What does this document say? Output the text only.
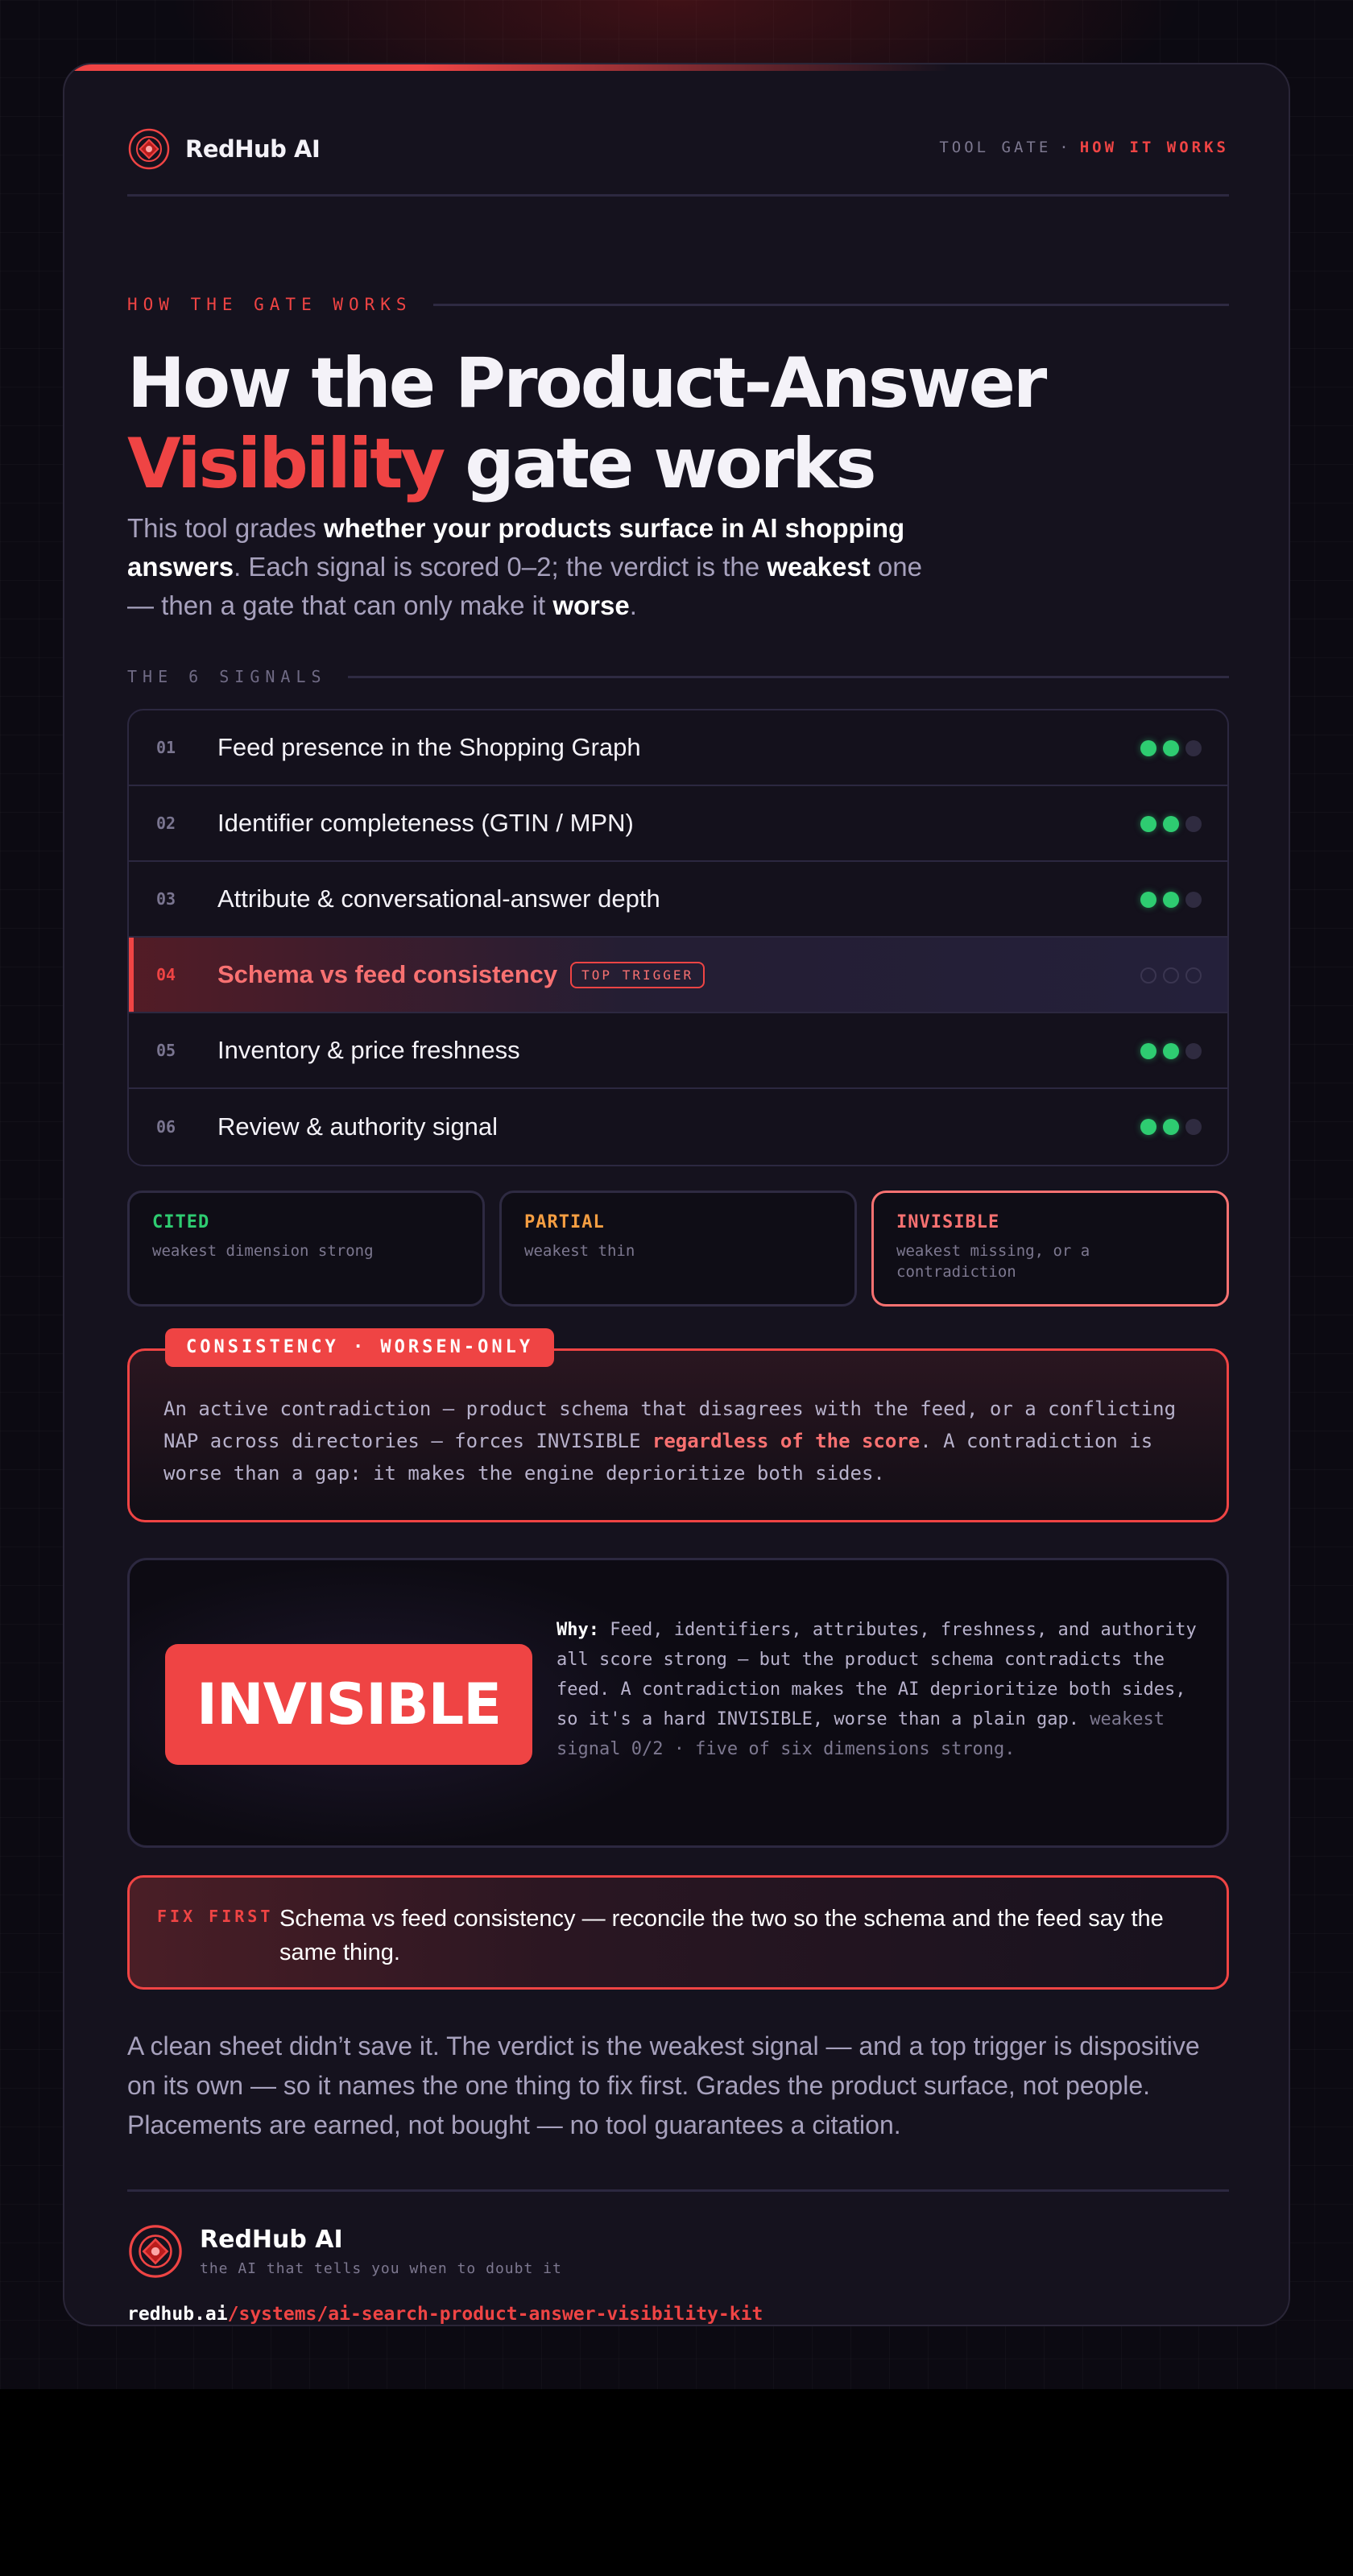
RedHub AI	TOOL GATE · HOW IT WORKS
HOW THE GATE WORKS
How the Product-Answer
Visibility gate works

This tool grades whether your products surface in AI shopping answers. Each signal is scored 0–2; the verdict is the weakest one — then a gate that can only make it worse.

THE 6 SIGNALS
01	Feed presence in the Shopping Graph
02	Identifier completeness (GTIN / MPN)
03	Attribute & conversational-answer depth
04	Schema vs feed consistency	TOP TRIGGER
05	Inventory & price freshness
06	Review & authority signal
CITED
weakest dimension strong
PARTIAL
weakest thin
INVISIBLE
weakest missing, or a contradiction
CONSISTENCY · WORSEN-ONLY

An active contradiction — product schema that disagrees with the feed, or a conflicting NAP across directories — forces INVISIBLE regardless of the score. A contradiction is worse than a gap: it makes the engine deprioritize both sides.

INVISIBLE

Why: Feed, identifiers, attributes, freshness, and authority all score strong — but the product schema contradicts the feed. A contradiction makes the AI deprioritize both sides, so it's a hard INVISIBLE, worse than a plain gap. weakest signal 0/2 · five of six dimensions strong.

FIX FIRST Schema vs feed consistency — reconcile the two so the schema and the feed say the same thing.

A clean sheet didn’t save it. The verdict is the weakest signal — and a top trigger is dispositive on its own — so it names the one thing to fix first. Grades the product surface, not people. Placements are earned, not bought — no tool guarantees a citation.

RedHub AI
the AI that tells you when to doubt it
redhub.ai/systems/ai-search-product-answer-visibility-kit
